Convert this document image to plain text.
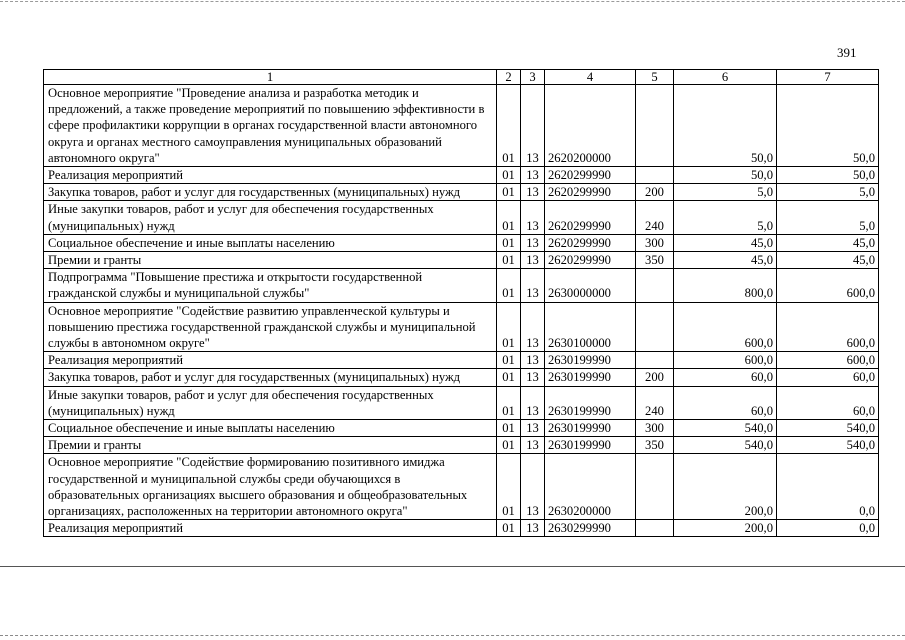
391
1	2	3	4	5	6	7
Основное мероприятие "Проведение анализа и разработка методик и предложений, а также проведение мероприятий по повышению эффективности в сфере профилактики коррупции в органах государственной власти автономного округа и органах местного самоуправления муниципальных образований автономного округа"	01	13	2620200000		50,0	50,0
Реализация мероприятий	01	13	2620299990		50,0	50,0
Закупка товаров, работ и услуг для государственных (муниципальных) нужд	01	13	2620299990	200	5,0	5,0
Иные закупки товаров, работ и услуг для обеспечения государственных (муниципальных) нужд	01	13	2620299990	240	5,0	5,0
Социальное обеспечение и иные выплаты населению	01	13	2620299990	300	45,0	45,0
Премии и гранты	01	13	2620299990	350	45,0	45,0
Подпрограмма "Повышение престижа и открытости государственной гражданской службы и муниципальной службы"	01	13	2630000000		800,0	600,0
Основное мероприятие "Содействие развитию управленческой культуры и повышению престижа государственной гражданской службы и муниципальной службы в автономном округе"	01	13	2630100000		600,0	600,0
Реализация мероприятий	01	13	2630199990		600,0	600,0
Закупка товаров, работ и услуг для государственных (муниципальных) нужд	01	13	2630199990	200	60,0	60,0
Иные закупки товаров, работ и услуг для обеспечения государственных (муниципальных) нужд	01	13	2630199990	240	60,0	60,0
Социальное обеспечение и иные выплаты населению	01	13	2630199990	300	540,0	540,0
Премии и гранты	01	13	2630199990	350	540,0	540,0
Основное мероприятие "Содействие формированию позитивного имиджа государственной и муниципальной службы среди обучающихся в образовательных организациях высшего образования и общеобразовательных организациях, расположенных на территории автономного округа"	01	13	2630200000		200,0	0,0
Реализация мероприятий	01	13	2630299990		200,0	0,0
